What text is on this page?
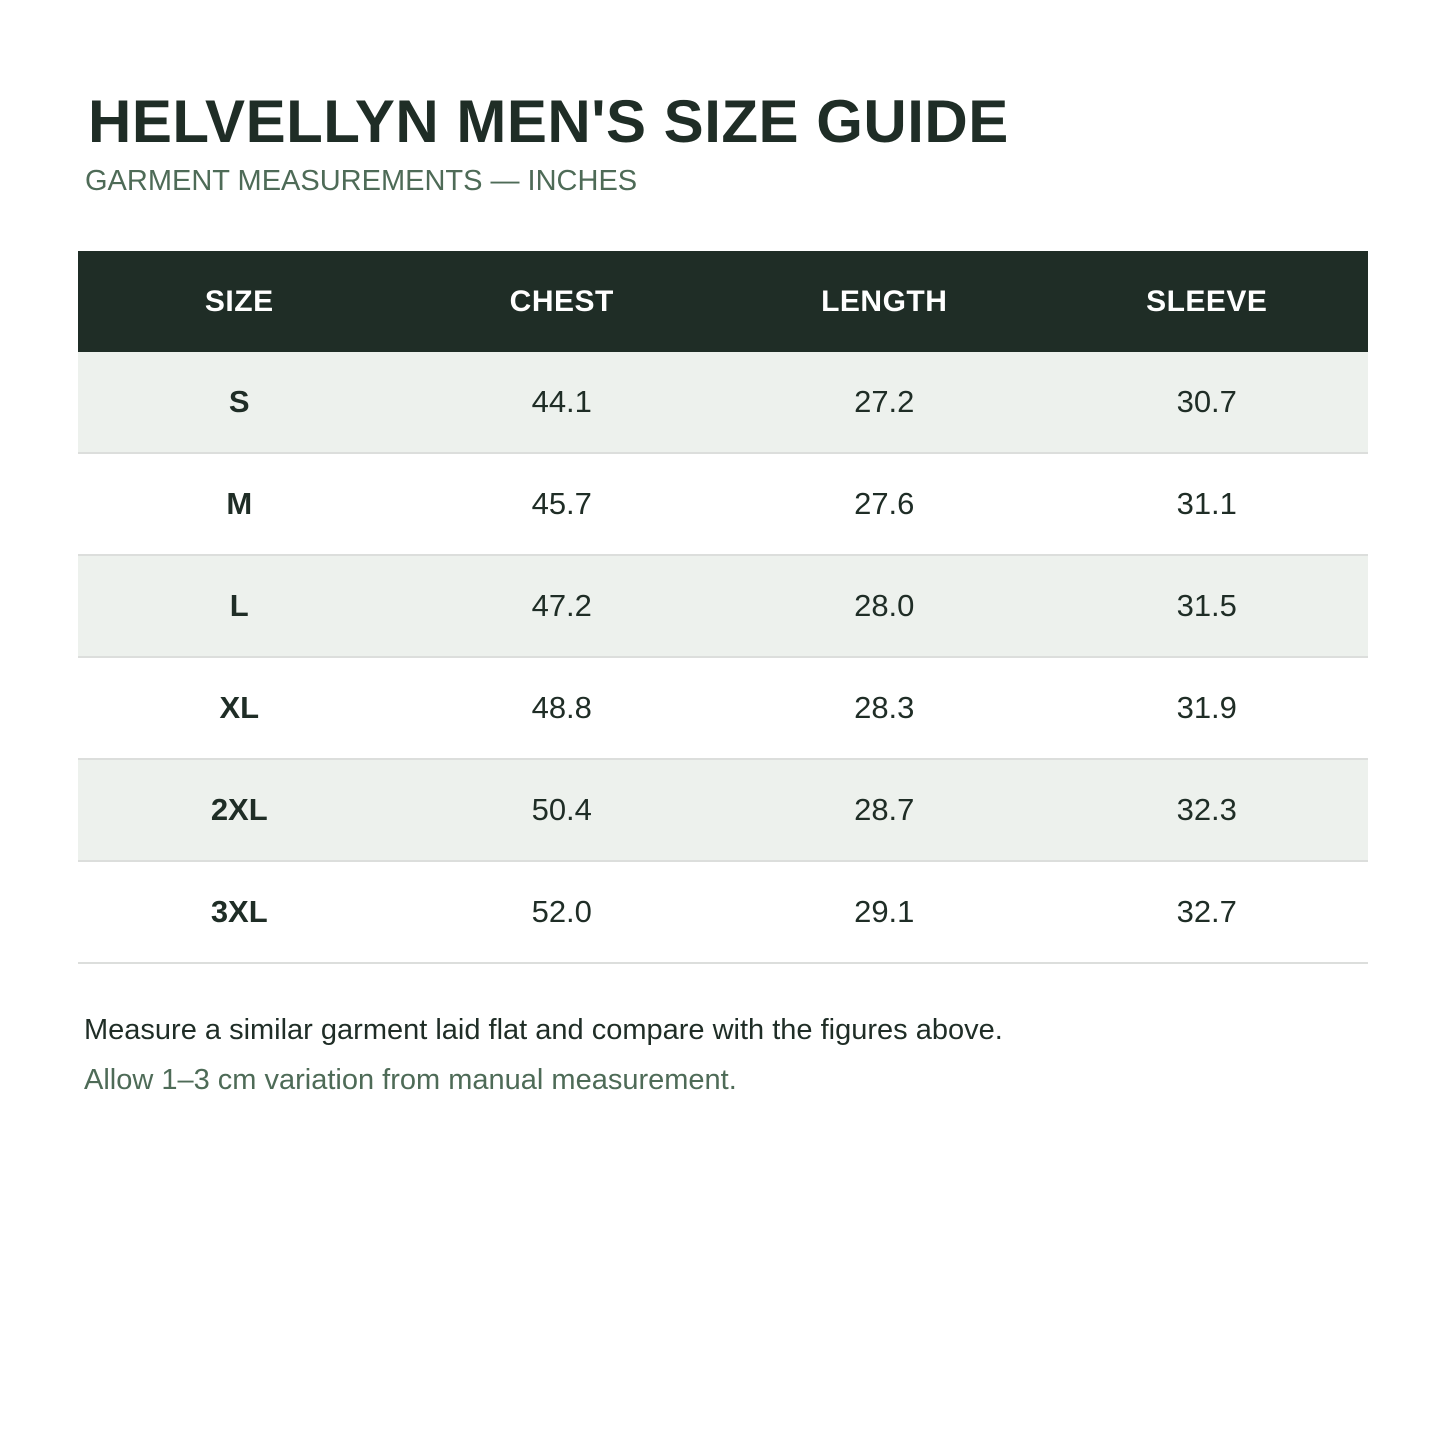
HELVELLYN MEN'S SIZE GUIDE
GARMENT MEASUREMENTS — INCHES
SIZE	CHEST	LENGTH	SLEEVE
S	44.1	27.2	30.7
M	45.7	27.6	31.1
L	47.2	28.0	31.5
XL	48.8	28.3	31.9
2XL	50.4	28.7	32.3
3XL	52.0	29.1	32.7
Measure a similar garment laid flat and compare with the figures above.
Allow 1–3 cm variation from manual measurement.
